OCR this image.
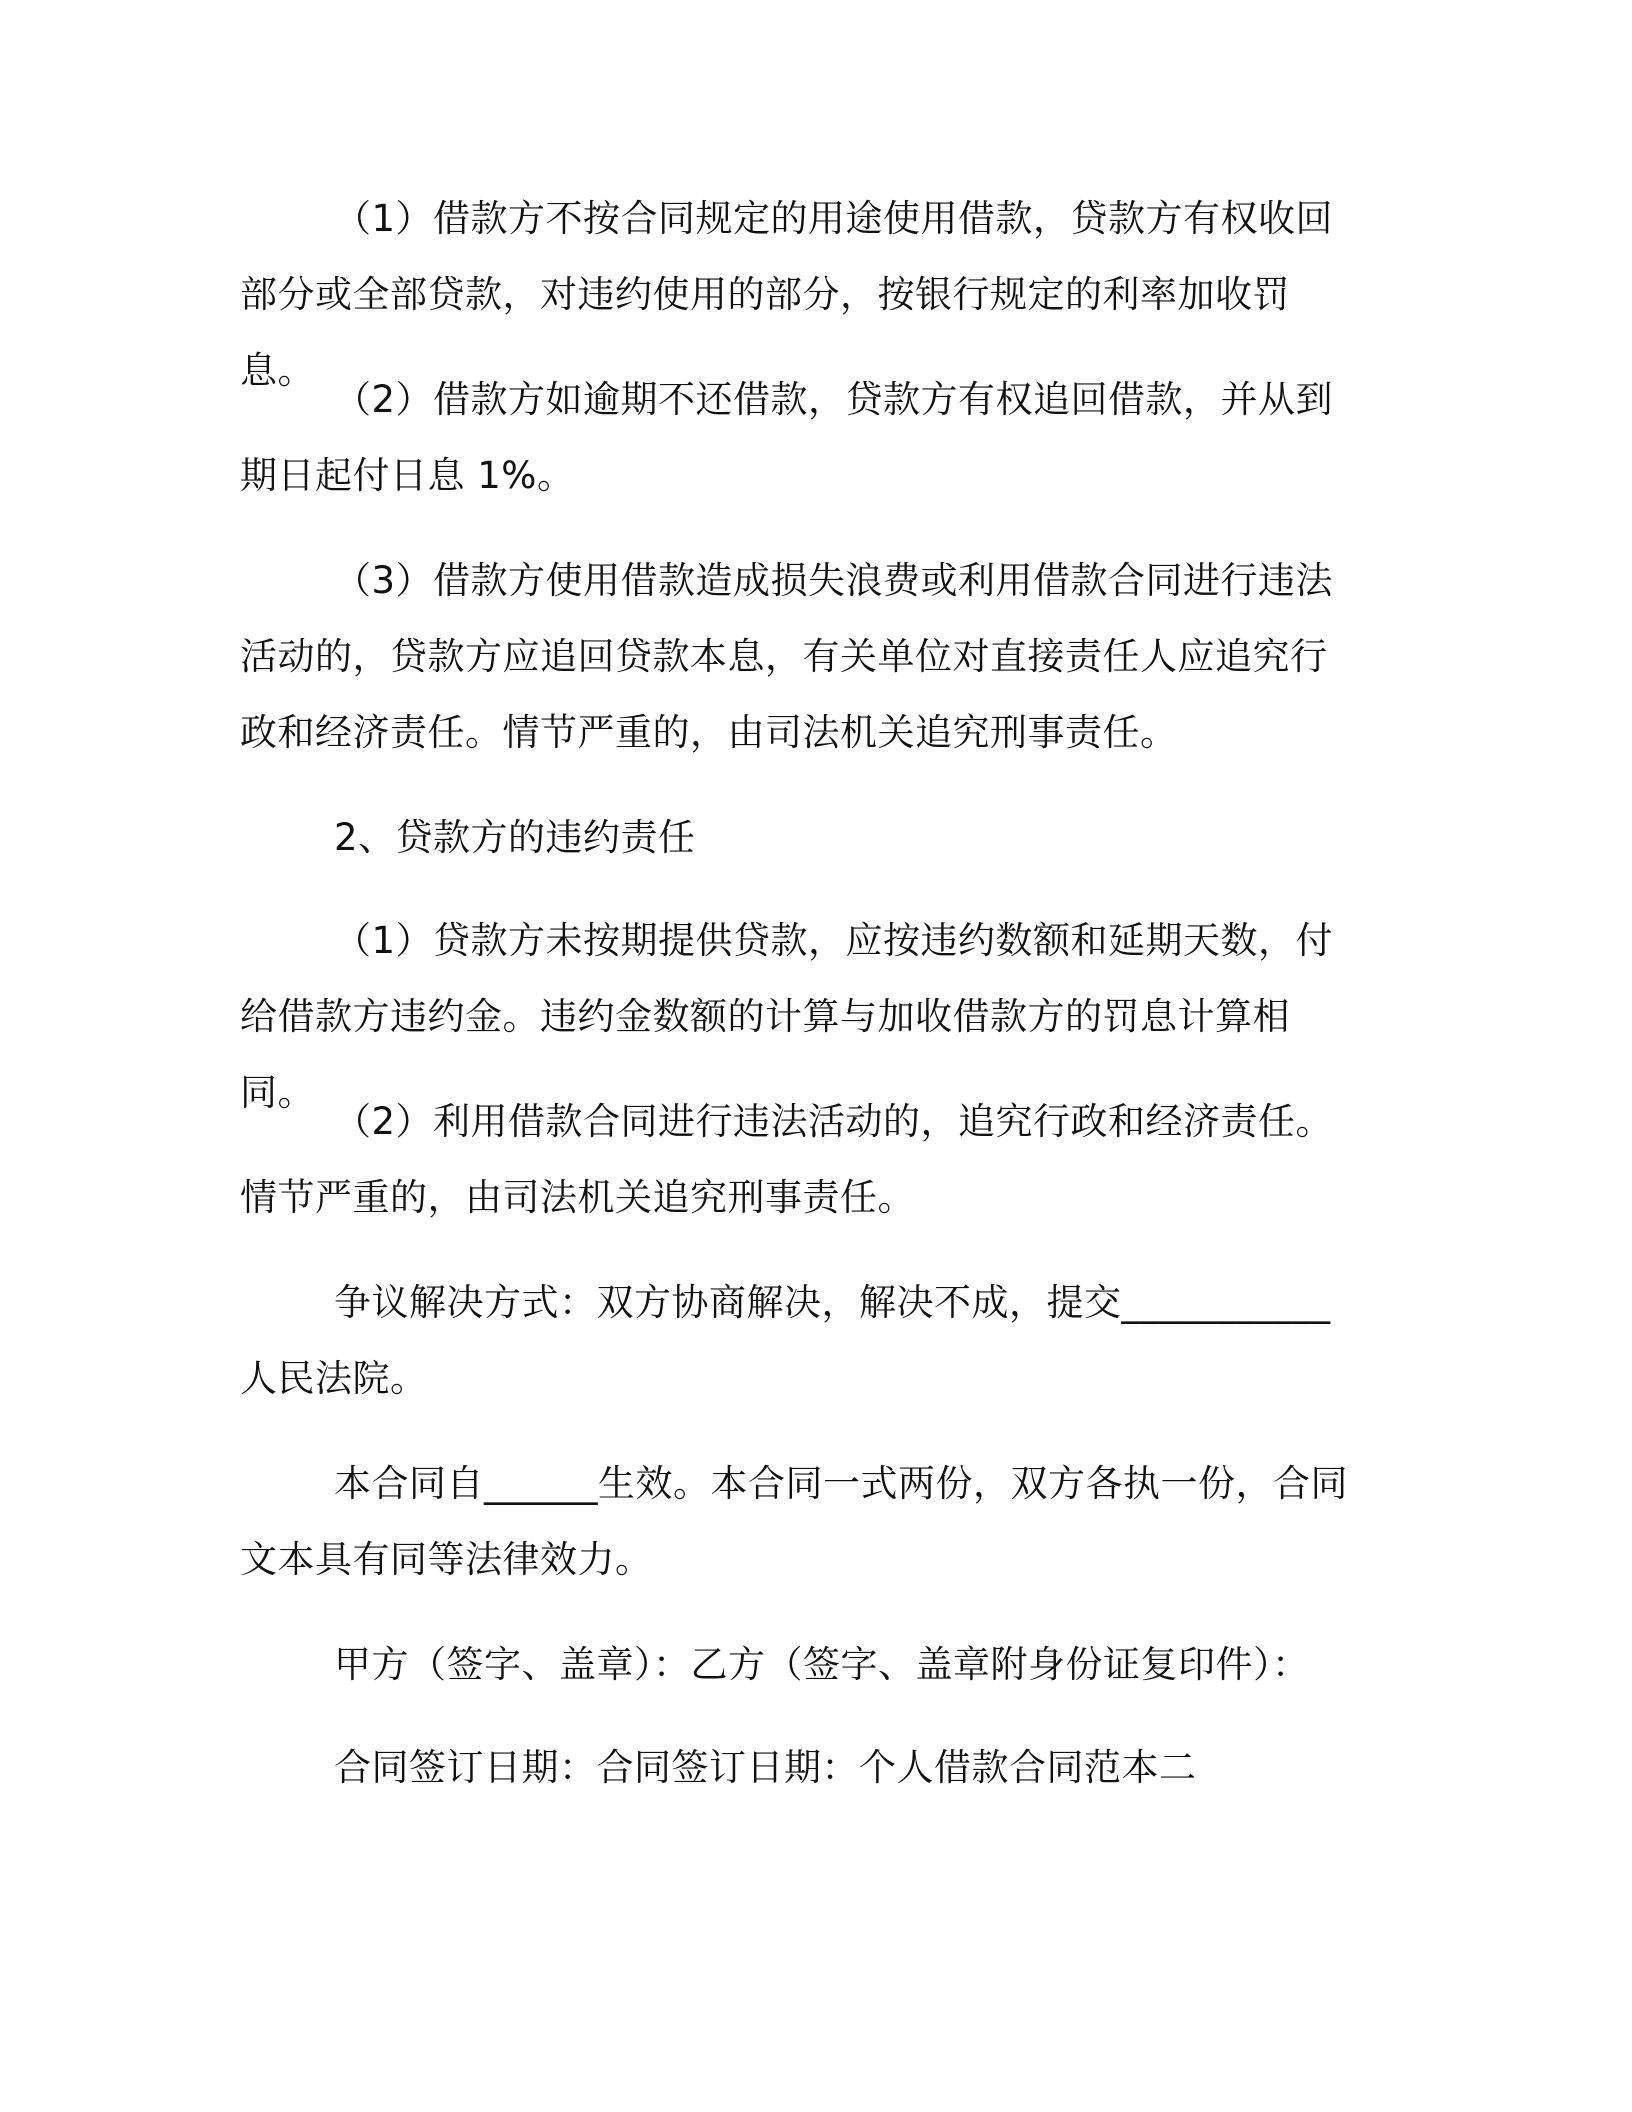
（1）借款方不按合同规定的用途使用借款，贷款方有权收回部分或全部贷款，对违约使用的部分，按银行规定的利率加收罚息。

（2）借款方如逾期不还借款，贷款方有权追回借款，并从到期日起付日息 1%。

（3）借款方使用借款造成损失浪费或利用借款合同进行违法活动的，贷款方应追回贷款本息，有关单位对直接责任人应追究行政和经济责任。情节严重的，由司法机关追究刑事责任。

2、贷款方的违约责任

（1）贷款方未按期提供贷款，应按违约数额和延期天数，付给借款方违约金。违约金数额的计算与加收借款方的罚息计算相同。

（2）利用借款合同进行违法活动的，追究行政和经济责任。情节严重的，由司法机关追究刑事责任。

争议解决方式：双方协商解决，解决不成，提交___________人民法院。

本合同自______生效。本合同一式两份，双方各执一份，合同文本具有同等法律效力。

甲方（签字、盖章）：乙方（签字、盖章附身份证复印件）：

合同签订日期：合同签订日期：个人借款合同范本二
